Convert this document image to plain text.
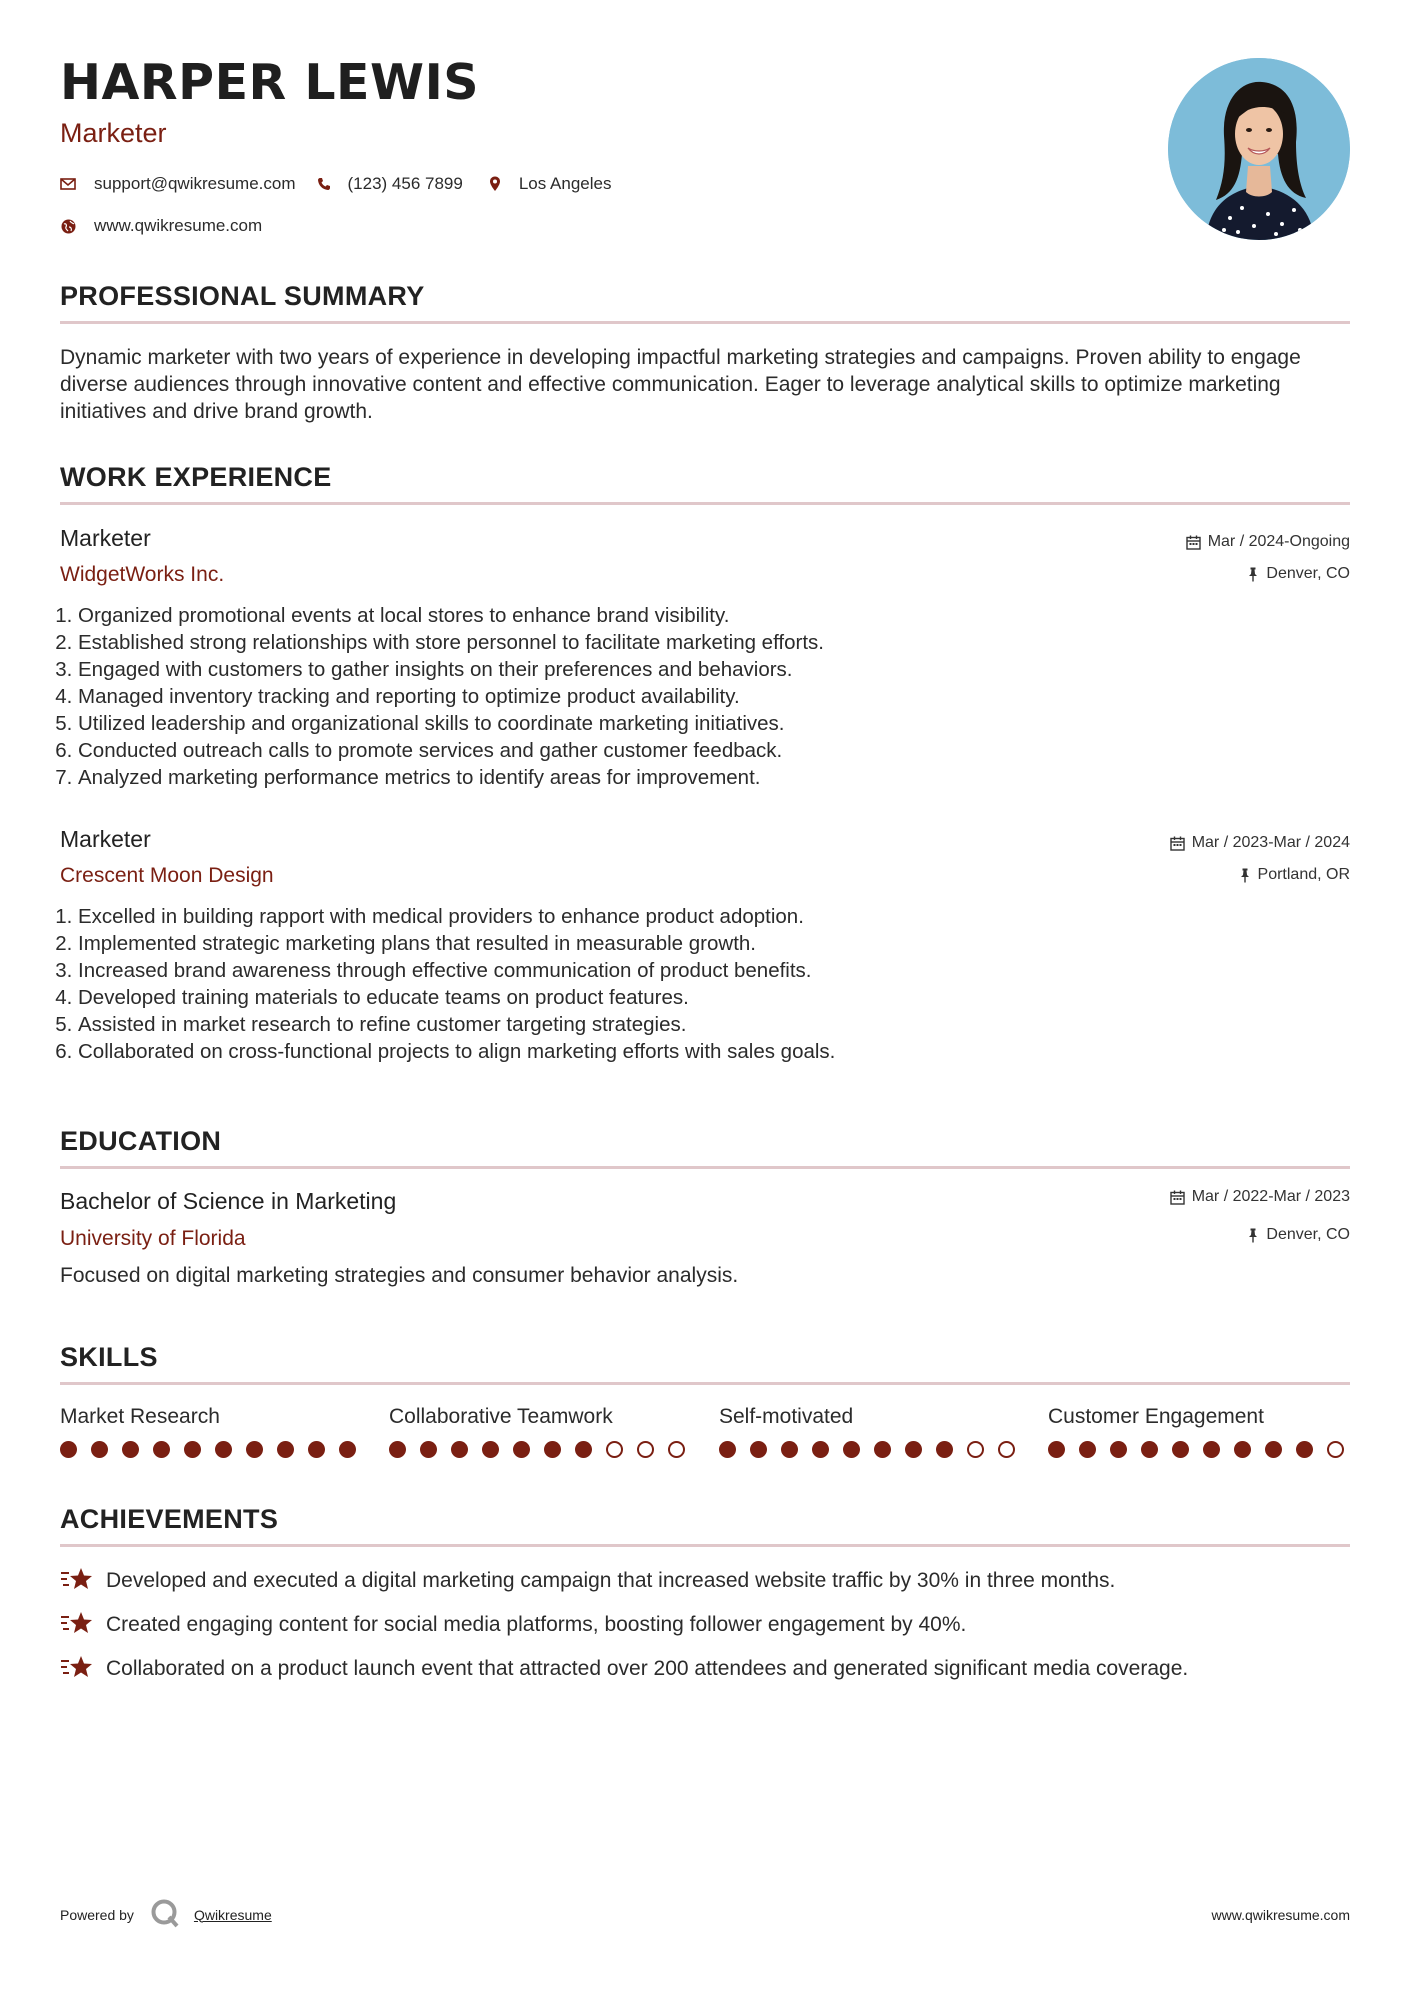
HARPER LEWIS
Marketer
support@qwikresume.com	(123) 456 7899	Los Angeles
www.qwikresume.com
PROFESSIONAL SUMMARY
Dynamic marketer with two years of experience in developing impactful marketing strategies and campaigns. Proven ability to engage diverse audiences through innovative content and effective communication. Eager to leverage analytical skills to optimize marketing initiatives and drive brand growth.
WORK EXPERIENCE
Marketer
WidgetWorks Inc.
Mar / 2024-Ongoing
Denver, CO
1. Organized promotional events at local stores to enhance brand visibility.
2. Established strong relationships with store personnel to facilitate marketing efforts.
3. Engaged with customers to gather insights on their preferences and behaviors.
4. Managed inventory tracking and reporting to optimize product availability.
5. Utilized leadership and organizational skills to coordinate marketing initiatives.
6. Conducted outreach calls to promote services and gather customer feedback.
7. Analyzed marketing performance metrics to identify areas for improvement.
Marketer
Crescent Moon Design
Mar / 2023-Mar / 2024
Portland, OR
1. Excelled in building rapport with medical providers to enhance product adoption.
2. Implemented strategic marketing plans that resulted in measurable growth.
3. Increased brand awareness through effective communication of product benefits.
4. Developed training materials to educate teams on product features.
5. Assisted in market research to refine customer targeting strategies.
6. Collaborated on cross-functional projects to align marketing efforts with sales goals.
EDUCATION
Bachelor of Science in Marketing
University of Florida
Mar / 2022-Mar / 2023
Denver, CO
Focused on digital marketing strategies and consumer behavior analysis.
SKILLS
Market Research	Collaborative Teamwork	Self-motivated	Customer Engagement
ACHIEVEMENTS
Developed and executed a digital marketing campaign that increased website traffic by 30% in three months.
Created engaging content for social media platforms, boosting follower engagement by 40%.
Collaborated on a product launch event that attracted over 200 attendees and generated significant media coverage.
Powered by	Qwikresume	www.qwikresume.com
